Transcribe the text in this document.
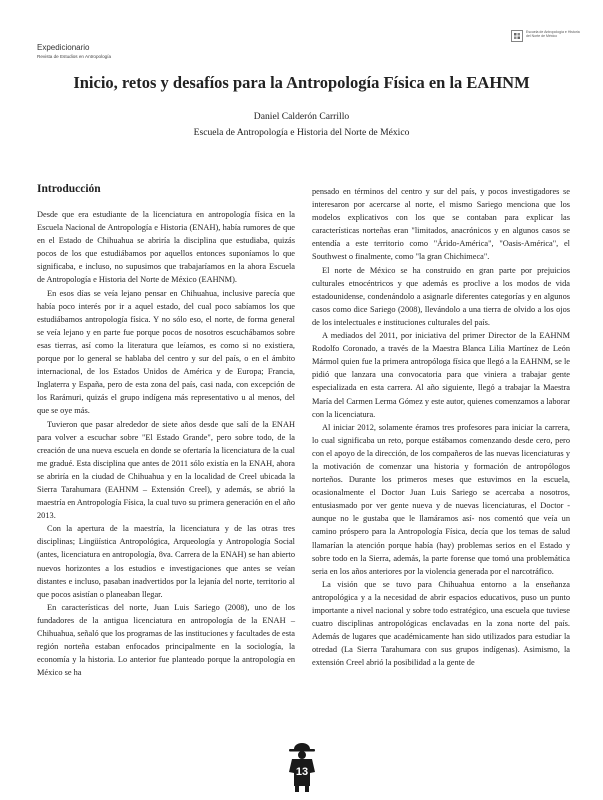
Expedicionario
Revista de Estudios en Antropología
Escuela de Antropología e Historia del Norte de México
Inicio, retos y desafíos para la Antropología Física en la EAHNM
Daniel Calderón Carrillo
Escuela de Antropología e Historia del Norte de México
Introducción

Desde que era estudiante de la licenciatura en antropología física en la Escuela Nacional de Antropología e Historia (ENAH), había rumores de que en el Estado de Chihuahua se abriría la disciplina que estudiaba, quizás pocos de los que estudiábamos por aquellos entonces suponíamos lo que significaba, e incluso, no supusimos que trabajaríamos en la ahora Escuela de Antropología e Historia del Norte de México (EAHNM).

En esos días se veía lejano pensar en Chihuahua, inclusive parecía que había poco interés por ir a aquel estado, del cual poco sabíamos los que estudiábamos antropología física. Y no sólo eso, el norte, de forma general se veía lejano y en parte fue porque pocos de nosotros escuchábamos sobre esas tierras, así como la literatura que leíamos, es como si no existiera, porque por lo general se hablaba del centro y sur del país, o en el ámbito internacional, de los Estados Unidos de América y de Europa; Francia, Inglaterra y España, pero de esta zona del país, casi nada, con excepción de los Rarámuri, quizás el grupo indígena más representativo u al menos, del que se oye más.

Tuvieron que pasar alrededor de siete años desde que salí de la ENAH para volver a escuchar sobre "El Estado Grande", pero sobre todo, de la creación de una nueva escuela en donde se ofertaría la licenciatura de la cual me gradué. Esta disciplina que antes de 2011 sólo existía en la ENAH, ahora se abriría en la ciudad de Chihuahua y en la localidad de Creel ubicada la Sierra Tarahumara (EAHNM – Extensión Creel), y además, se abrió la maestría en Antropología Física, la cual tuvo su primera generación en el año 2013.

Con la apertura de la maestría, la licenciatura y de las otras tres disciplinas; Lingüística Antropológica, Arqueología y Antropología Social (antes, licenciatura en antropología, 8va. Carrera de la ENAH) se han abierto nuevos horizontes a los estudios e investigaciones que antes se veían distantes e incluso, pasaban inadvertidos por la lejanía del norte, territorio al que pocos asistían o planeaban llegar.

En características del norte, Juan Luis Sariego (2008), uno de los fundadores de la antigua licenciatura en antropología de la ENAH – Chihuahua, señaló que los programas de las instituciones y facultades de esta región norteña estaban enfocados principalmente en la sociología, la economía y la historia. Lo anterior fue planteado porque la antropología en México se ha

pensado en términos del centro y sur del país, y pocos investigadores se interesaron por acercarse al norte, el mismo Sariego menciona que los modelos explicativos con los que se contaban para explicar las características norteñas eran "limitados, anacrónicos y en algunos casos se entendía a este territorio como "Árido-América", "Oasis-América", el Southwest o finalmente, como "la gran Chichimeca".

El norte de México se ha construido en gran parte por prejuicios culturales etnocéntricos y que además es proclive a los modos de vida estadounidense, condenándolo a asignarle diferentes categorías y en algunos casos como dice Sariego (2008), llevándolo a una tierra de olvido a los ojos de los intelectuales e instituciones culturales del país.

A mediados del 2011, por iniciativa del primer Director de la EAHNM Rodolfo Coronado, a través de la Maestra Blanca Lilia Martínez de León Mármol quien fue la primera antropóloga física que llegó a la EAHNM, se le pidió que lanzara una convocatoria para que viniera a trabajar gente especializada en esta carrera. Al año siguiente, llegó a trabajar la Maestra María del Carmen Lerma Gómez y este autor, quienes comenzamos a laborar con la licenciatura.

Al iniciar 2012, solamente éramos tres profesores para iniciar la carrera, lo cual significaba un reto, porque estábamos comenzando desde cero, pero con el apoyo de la dirección, de los compañeros de las nuevas licenciaturas y la motivación de comenzar una historia y formación de antropólogos norteños. Durante los primeros meses que estuvimos en la escuela, ocasionalmente el Doctor Juan Luis Sariego se acercaba a nosotros, entusiasmado por ver gente nueva y de nuevas licenciaturas, el Doctor -aunque no le gustaba que le llamáramos así- nos comentó que veía un camino próspero para la Antropología Física, decía que los temas de salud llamarían la atención porque había (hay) problemas serios en el Estado y sobre todo en la Sierra, además, la parte forense que tomó una problemática seria en los años anteriores por la violencia generada por el narcotráfico.

La visión que se tuvo para Chihuahua entorno a la enseñanza antropológica y a la necesidad de abrir espacios educativos, puso un punto importante a nivel nacional y sobre todo estratégico, una escuela que tuviese cuatro disciplinas antropológicas enclavadas en la zona norte del país. Además de lugares que académicamente han sido utilizados para estudiar la otredad (La Sierra Tarahumara con sus grupos indígenas). Asimismo, la extensión Creel abrió la posibilidad a la gente de

13
